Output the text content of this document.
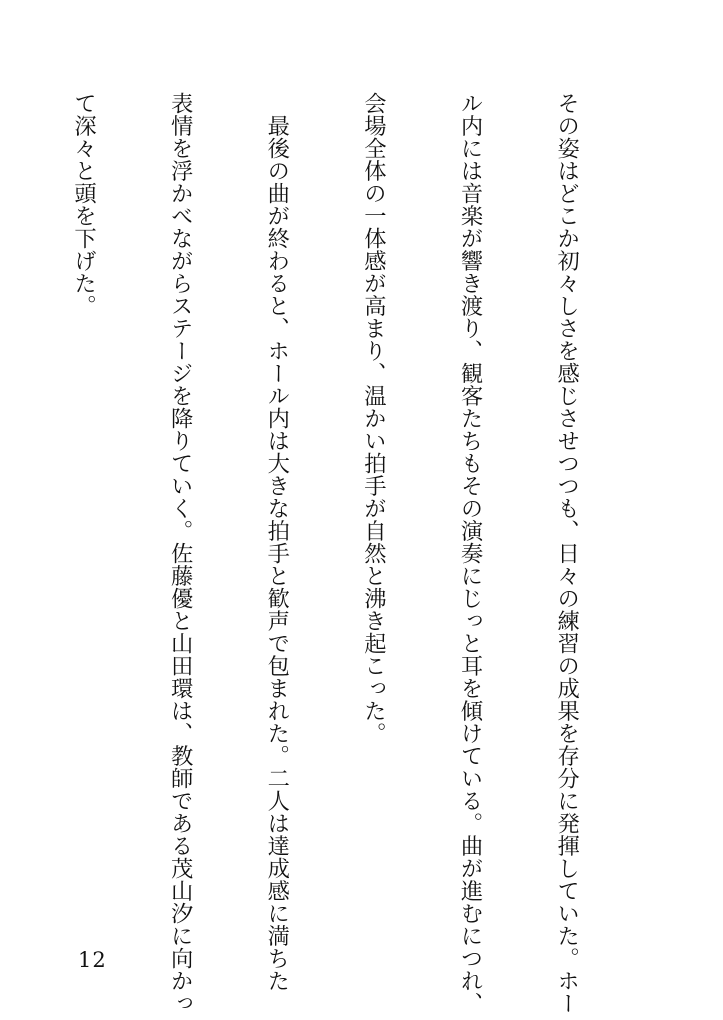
その姿はどこか初々しさを感じさせつつも、日々の練習の成果を存分に発揮していた。ホー

ル内には音楽が響き渡り、観客たちもその演奏にじっと耳を傾けている。曲が進むにつれ、

会場全体の一体感が高まり、温かい拍手が自然と沸き起こった。

　最後の曲が終わると、ホール内は大きな拍手と歓声で包まれた。二人は達成感に満ちた

表情を浮かべながらステージを降りていく。佐藤優と山田環は、教師である茂山汐に向かっ

て深々と頭を下げた。

12
